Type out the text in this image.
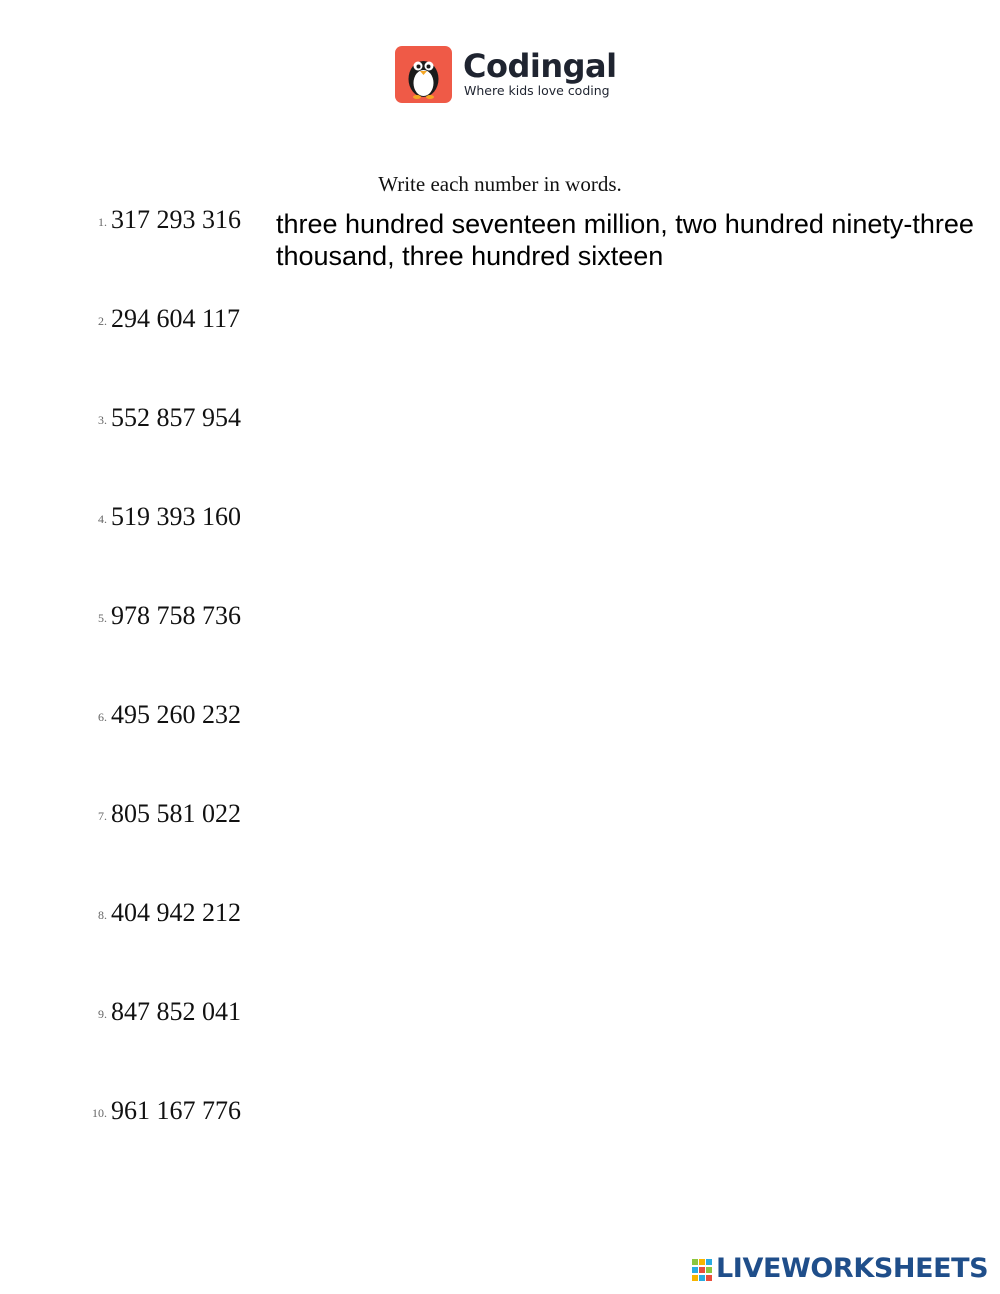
Codingal
Where kids love coding
Write each number in words.
1. 317 293 316 three hundred seventeen million, two hundred ninety-three thousand, three hundred sixteen
2. 294 604 117
3. 552 857 954
4. 519 393 160
5. 978 758 736
6. 495 260 232
7. 805 581 022
8. 404 942 212
9. 847 852 041
10. 961 167 776
LIVEWORKSHEETS
